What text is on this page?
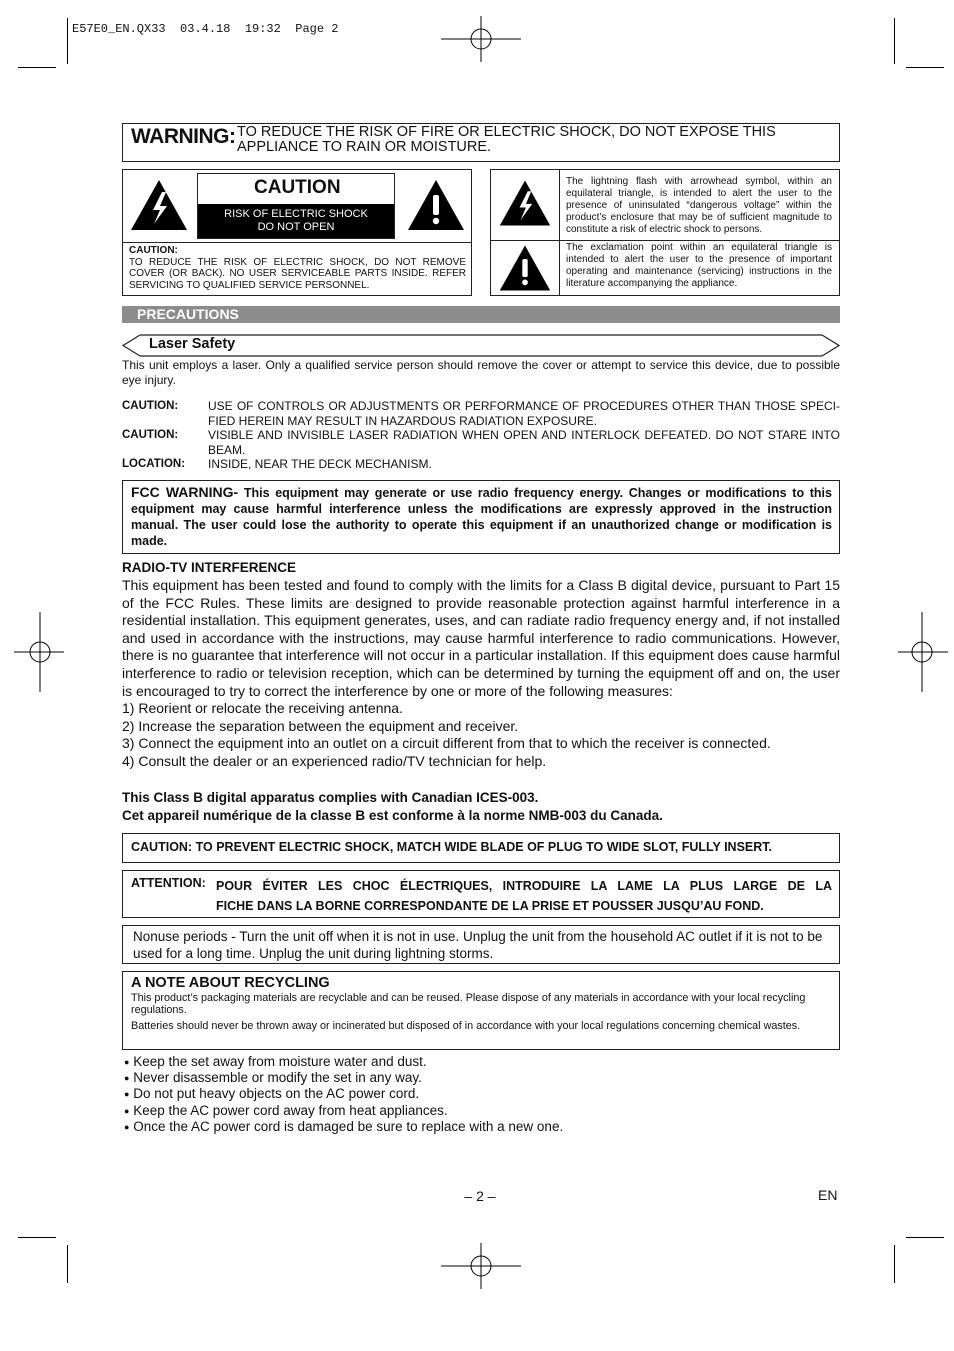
E57E0_EN.QX33  03.4.18  19:32  Page 2
WARNING: TO REDUCE THE RISK OF FIRE OR ELECTRIC SHOCK, DO NOT EXPOSE THIS
APPLIANCE TO RAIN OR MOISTURE.
CAUTION
RISK OF ELECTRIC SHOCK
DO NOT OPEN
CAUTION:
TO REDUCE THE RISK OF ELECTRIC SHOCK, DO NOT REMOVE COVER (OR BACK). NO USER SERVICEABLE PARTS INSIDE. REFER SERVICING TO QUALIFIED SERVICE PERSONNEL.
The lightning flash with arrowhead symbol, within an equilateral triangle, is intended to alert the user to the presence of uninsulated “dangerous voltage” within the product’s enclosure that may be of sufficient magnitude to constitute a risk of electric shock to persons.
The exclamation point within an equilateral triangle is intended to alert the user to the presence of important operating and maintenance (servicing) instructions in the literature accompanying the appliance.
PRECAUTIONS
Laser Safety
This unit employs a laser. Only a qualified service person should remove the cover or attempt to service this device, due to possible eye injury.
CAUTION:	USE OF CONTROLS OR ADJUSTMENTS OR PERFORMANCE OF PROCEDURES OTHER THAN THOSE SPECI-FIED HEREIN MAY RESULT IN HAZARDOUS RADIATION EXPOSURE.
CAUTION:	VISIBLE AND INVISIBLE LASER RADIATION WHEN OPEN AND INTERLOCK DEFEATED. DO NOT STARE INTO BEAM.
LOCATION:	INSIDE, NEAR THE DECK MECHANISM.
FCC WARNING- This equipment may generate or use radio frequency energy. Changes or modifications to this equipment may cause harmful interference unless the modifications are expressly approved in the instruction manual. The user could lose the authority to operate this equipment if an unauthorized change or modification is made.
RADIO-TV INTERFERENCE
This equipment has been tested and found to comply with the limits for a Class B digital device, pursuant to Part 15 of the FCC Rules. These limits are designed to provide reasonable protection against harmful interference in a residential installation. This equipment generates, uses, and can radiate radio frequency energy and, if not installed and used in accordance with the instructions, may cause harmful interference to radio communications. However, there is no guarantee that interference will not occur in a particular installation. If this equipment does cause harmful interference to radio or television reception, which can be determined by turning the equipment off and on, the user is encouraged to try to correct the interference by one or more of the following measures:
1) Reorient or relocate the receiving antenna.
2) Increase the separation between the equipment and receiver.
3) Connect the equipment into an outlet on a circuit different from that to which the receiver is connected.
4) Consult the dealer or an experienced radio/TV technician for help.
This Class B digital apparatus complies with Canadian ICES-003.
Cet appareil numérique de la classe B est conforme à la norme NMB-003 du Canada.
CAUTION: TO PREVENT ELECTRIC SHOCK, MATCH WIDE BLADE OF PLUG TO WIDE SLOT, FULLY INSERT.
ATTENTION: POUR ÉVITER LES CHOC ÉLECTRIQUES, INTRODUIRE LA LAME LA PLUS LARGE DE LA
FICHE DANS LA BORNE CORRESPONDANTE DE LA PRISE ET POUSSER JUSQU’AU FOND.
Nonuse periods - Turn the unit off when it is not in use. Unplug the unit from the household AC outlet if it is not to be used for a long time. Unplug the unit during lightning storms.
A NOTE ABOUT RECYCLING
This product’s packaging materials are recyclable and can be reused. Please dispose of any materials in accordance with your local recycling regulations.
Batteries should never be thrown away or incinerated but disposed of in accordance with your local regulations concerning chemical wastes.
● Keep the set away from moisture water and dust.
● Never disassemble or modify the set in any way.
● Do not put heavy objects on the AC power cord.
● Keep the AC power cord away from heat appliances.
● Once the AC power cord is damaged be sure to replace with a new one.
– 2 –	EN
